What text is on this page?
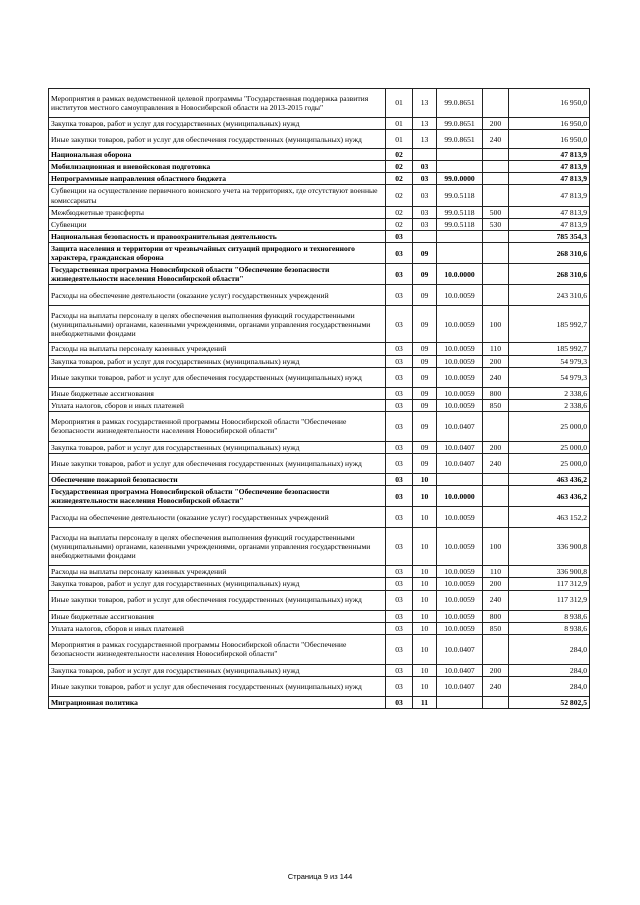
Мероприятия в рамках ведомственной целевой программы "Государственная поддержка развития институтов местного самоуправления в Новосибирской области на 2013-2015 годы"	01	13	99.0.8651		16 950,0
Закупка товаров, работ и услуг для государственных (муниципальных) нужд	01	13	99.0.8651	200	16 950,0
Иные закупки товаров, работ и услуг для обеспечения государственных (муниципальных) нужд	01	13	99.0.8651	240	16 950,0
Национальная оборона	02				47 813,9
Мобилизационная и вневойсковая подготовка	02	03			47 813,9
Непрограммные направления областного бюджета	02	03	99.0.0000		47 813,9
Субвенции на осуществление первичного воинского учета на территориях, где отсутствуют военные комиссариаты	02	03	99.0.5118		47 813,9
Межбюджетные трансферты	02	03	99.0.5118	500	47 813,9
Субвенции	02	03	99.0.5118	530	47 813,9
Национальная безопасность и правоохранительная деятельность	03				785 354,3
Защита населения и территории от чрезвычайных ситуаций природного и техногенного характера, гражданская оборона	03	09			268 310,6
Государственная программа Новосибирской области "Обеспечение безопасности жизнедеятельности населения Новосибирской области"	03	09	10.0.0000		268 310,6
Расходы на обеспечение деятельности (оказание услуг) государственных учреждений	03	09	10.0.0059		243 310,6
Расходы на выплаты персоналу в целях обеспечения выполнения функций государственными (муниципальными) органами, казенными учреждениями, органами управления государственными внебюджетными фондами	03	09	10.0.0059	100	185 992,7
Расходы на выплаты персоналу казенных учреждений	03	09	10.0.0059	110	185 992,7
Закупка товаров, работ и услуг для государственных (муниципальных) нужд	03	09	10.0.0059	200	54 979,3
Иные закупки товаров, работ и услуг для обеспечения государственных (муниципальных) нужд	03	09	10.0.0059	240	54 979,3
Иные бюджетные ассигнования	03	09	10.0.0059	800	2 338,6
Уплата налогов, сборов и иных платежей	03	09	10.0.0059	850	2 338,6
Мероприятия в рамках государственной программы Новосибирской области "Обеспечение безопасности жизнедеятельности населения Новосибирской области"	03	09	10.0.0407		25 000,0
Закупка товаров, работ и услуг для государственных (муниципальных) нужд	03	09	10.0.0407	200	25 000,0
Иные закупки товаров, работ и услуг для обеспечения государственных (муниципальных) нужд	03	09	10.0.0407	240	25 000,0
Обеспечение пожарной безопасности	03	10			463 436,2
Государственная программа Новосибирской области "Обеспечение безопасности жизнедеятельности населения Новосибирской области"	03	10	10.0.0000		463 436,2
Расходы на обеспечение деятельности (оказание услуг) государственных учреждений	03	10	10.0.0059		463 152,2
Расходы на выплаты персоналу в целях обеспечения выполнения функций государственными (муниципальными) органами, казенными учреждениями, органами управления государственными внебюджетными фондами	03	10	10.0.0059	100	336 900,8
Расходы на выплаты персоналу казенных учреждений	03	10	10.0.0059	110	336 900,8
Закупка товаров, работ и услуг для государственных (муниципальных) нужд	03	10	10.0.0059	200	117 312,9
Иные закупки товаров, работ и услуг для обеспечения государственных (муниципальных) нужд	03	10	10.0.0059	240	117 312,9
Иные бюджетные ассигнования	03	10	10.0.0059	800	8 938,6
Уплата налогов, сборов и иных платежей	03	10	10.0.0059	850	8 938,6
Мероприятия в рамках государственной программы Новосибирской области "Обеспечение безопасности жизнедеятельности населения Новосибирской области"	03	10	10.0.0407		284,0
Закупка товаров, работ и услуг для государственных (муниципальных) нужд	03	10	10.0.0407	200	284,0
Иные закупки товаров, работ и услуг для обеспечения государственных (муниципальных) нужд	03	10	10.0.0407	240	284,0
Миграционная политика	03	11			52 802,5
Страница 9 из 144
